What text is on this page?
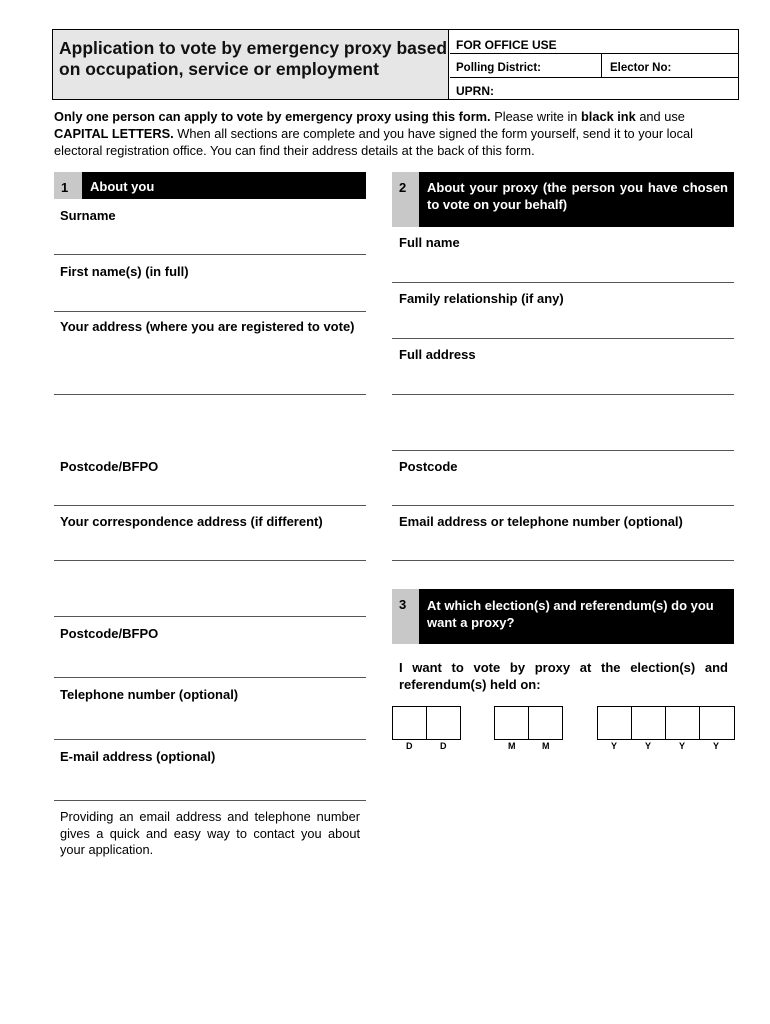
Application to vote by emergency proxy based
on occupation, service or employment
FOR OFFICE USE
Polling District:	Elector No:
UPRN:
Only one person can apply to vote by emergency proxy using this form. Please write in black ink and use CAPITAL LETTERS. When all sections are complete and you have signed the form yourself, send it to your local electoral registration office. You can find their address details at the back of this form.
1	About you
Surname
First name(s) (in full)
Your address (where you are registered to vote)
Postcode/BFPO
Your correspondence address (if different)
Postcode/BFPO
Telephone number (optional)
E-mail address (optional)
Providing an email address and telephone number gives a quick and easy way to contact you about your application.
2	About your proxy (the person you have chosen to vote on your behalf)
Full name
Family relationship (if any)
Full address
Postcode
Email address or telephone number (optional)
3	At which election(s) and referendum(s) do you want a proxy?
I want to vote by proxy at the election(s) and referendum(s) held on:
D	D	M	M	Y	Y	Y	Y
